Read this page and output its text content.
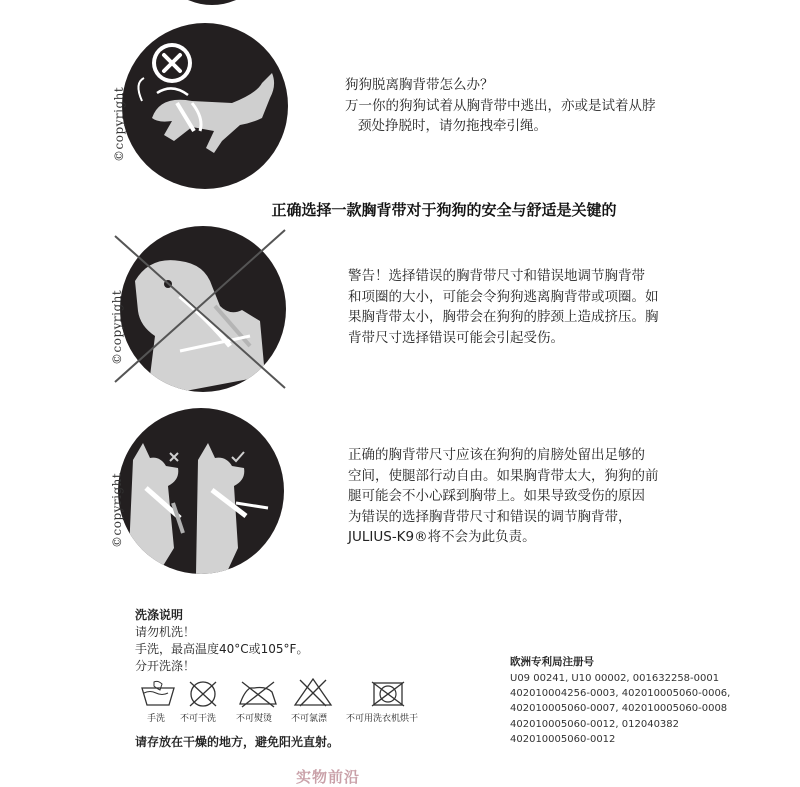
©copyright
狗狗脱离胸背带怎么办？
万一你的狗狗试着从胸背带中逃出，亦或是试着从脖
颈处挣脱时，请勿拖拽牵引绳。
正确选择一款胸背带对于狗狗的安全与舒适是关键的
©copyright
警告！选择错误的胸背带尺寸和错误地调节胸背带
和项圈的大小，可能会令狗狗逃离胸背带或项圈。如
果胸背带太小，胸带会在狗狗的脖颈上造成挤压。胸
背带尺寸选择错误可能会引起受伤。
©copyright
正确的胸背带尺寸应该在狗狗的肩膀处留出足够的
空间，使腿部行动自由。如果胸背带太大，狗狗的前
腿可能会不小心踩到胸带上。如果导致受伤的原因
为错误的选择胸背带尺寸和错误的调节胸背带，
JULIUS-K9®将不会为此负责。
洗涤说明
请勿机洗！
手洗，最高温度40°C或105°F。
分开洗涤！
手洗 不可干洗 不可熨烫 不可氯漂 不可用洗衣机烘干
请存放在干燥的地方，避免阳光直射。
欧洲专利局注册号
U09 00241, U10 00002, 001632258-0001
402010004256-0003, 402010005060-0006,
402010005060-0007, 402010005060-0008
402010005060-0012, 012040382
402010005060-0012
实物前沿
